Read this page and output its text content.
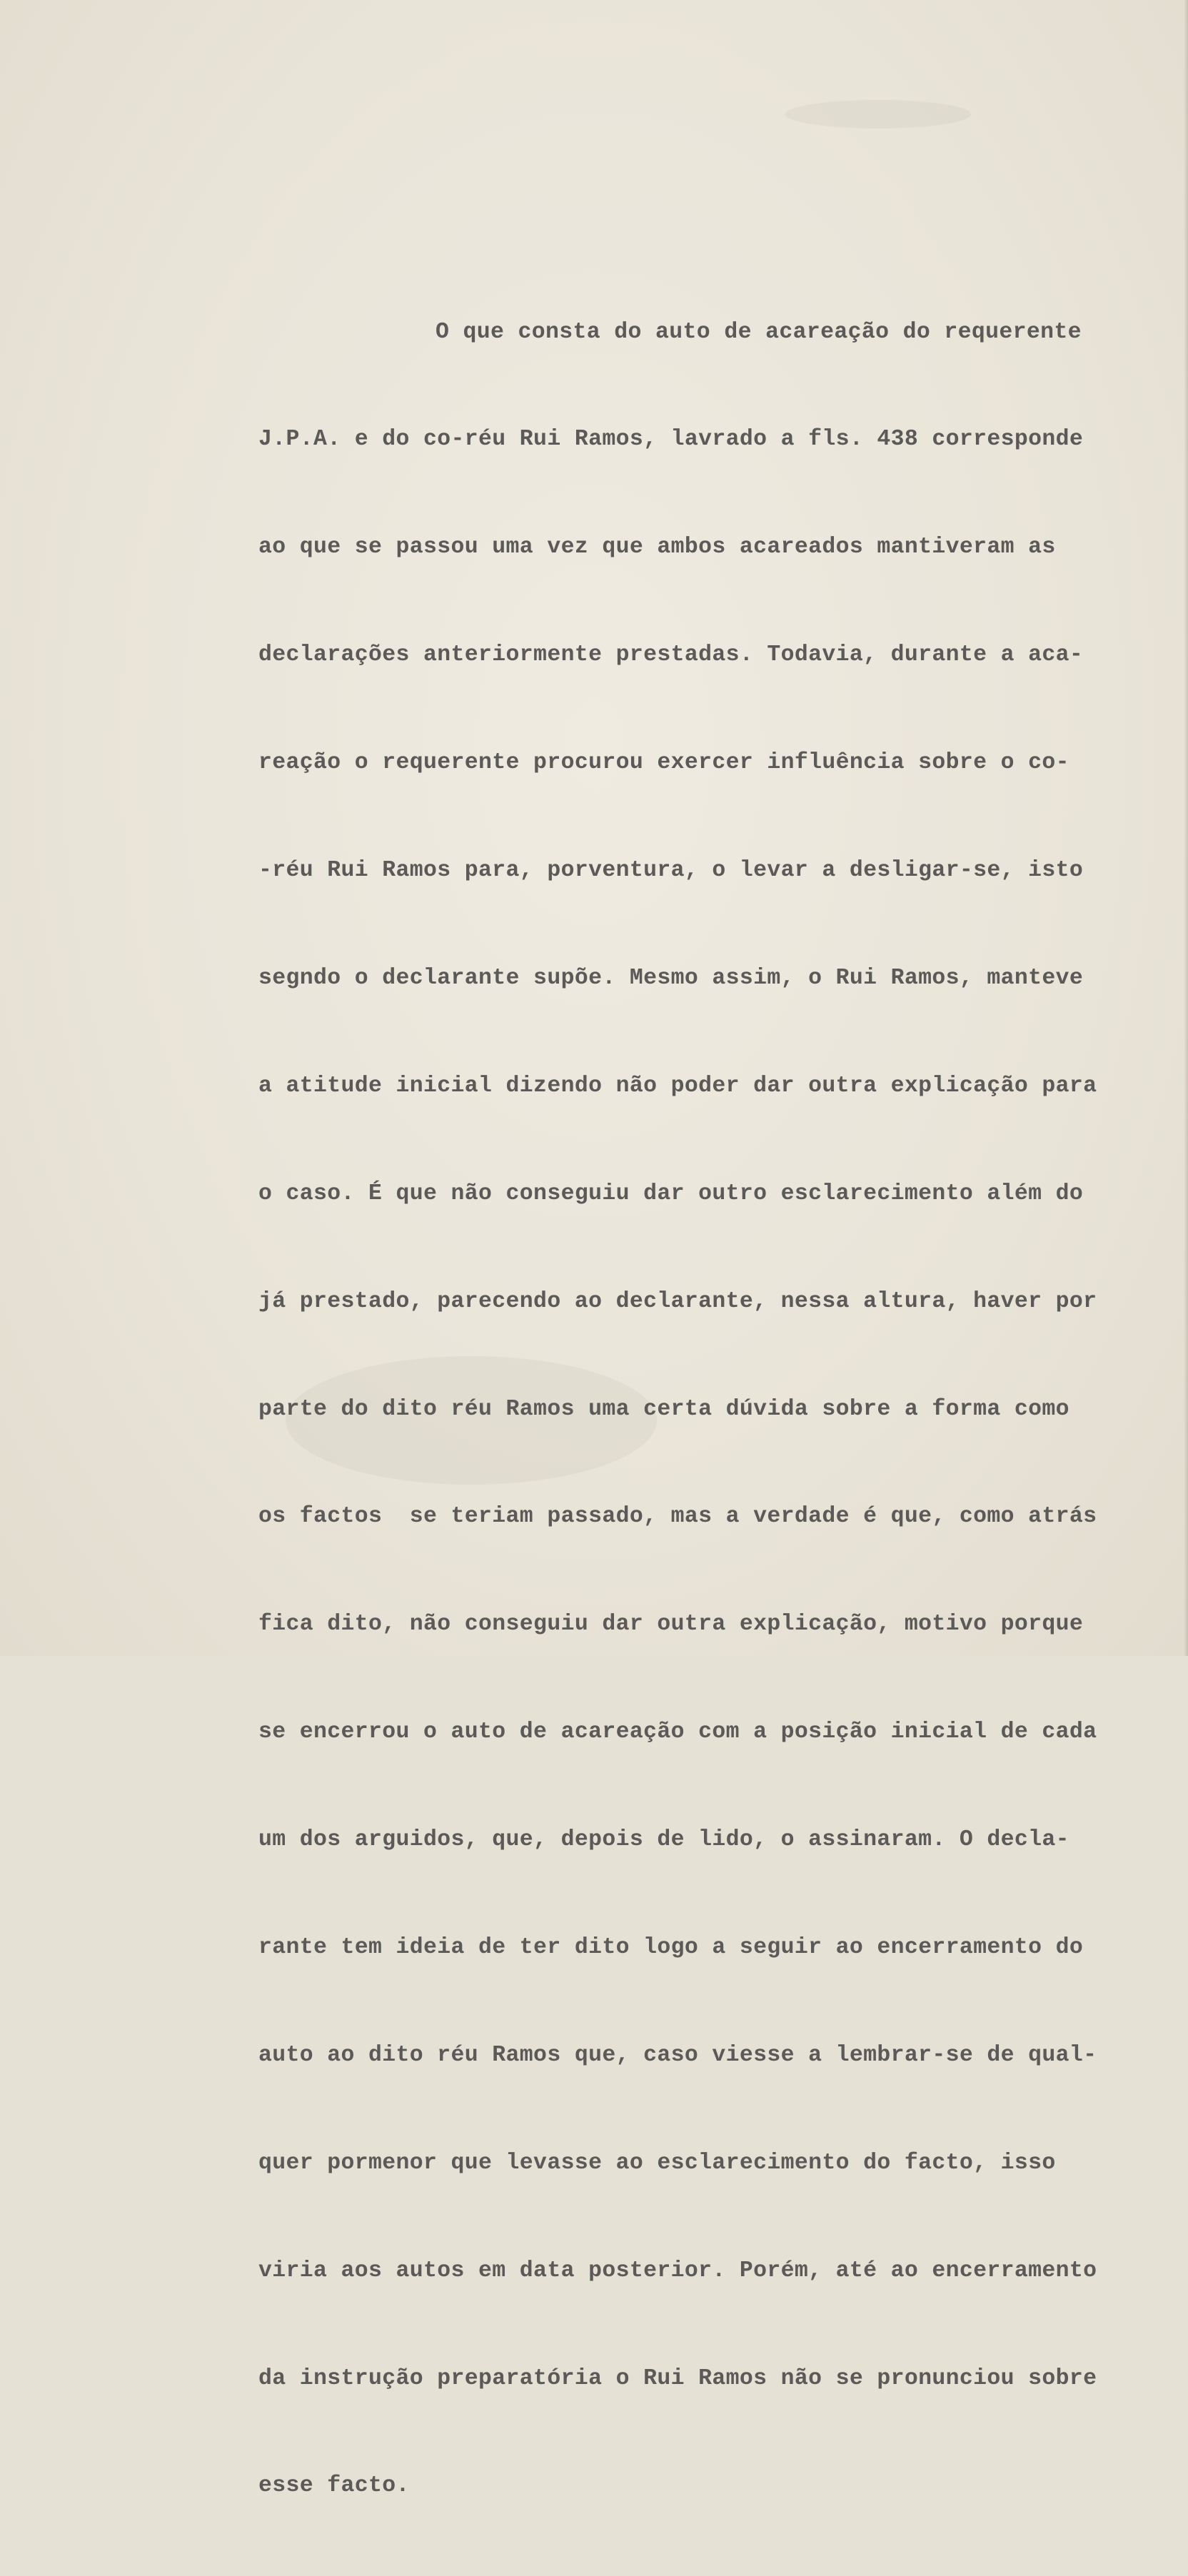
O que consta do auto de acareação do requerente

J.P.A. e do co-réu Rui Ramos, lavrado a fls. 438 corresponde

ao que se passou uma vez que ambos acareados mantiveram as

declarações anteriormente prestadas. Todavia, durante a aca-

reação o requerente procurou exercer influência sobre o co-

-réu Rui Ramos para, porventura, o levar a desligar-se, isto

segndo o declarante supõe. Mesmo assim, o Rui Ramos, manteve

a atitude inicial dizendo não poder dar outra explicação para

o caso. É que não conseguiu dar outro esclarecimento além do

já prestado, parecendo ao declarante, nessa altura, haver por

parte do dito réu Ramos uma certa dúvida sobre a forma como

os factos  se teriam passado, mas a verdade é que, como atrás

fica dito, não conseguiu dar outra explicação, motivo porque

se encerrou o auto de acareação com a posição inicial de cada

um dos arguidos, que, depois de lido, o assinaram. O decla-

rante tem ideia de ter dito logo a seguir ao encerramento do

auto ao dito réu Ramos que, caso viesse a lembrar-se de qual-

quer pormenor que levasse ao esclarecimento do facto, isso

viria aos autos em data posterior. Porém, até ao encerramento

da instrução preparatória o Rui Ramos não se pronunciou sobre

esse facto.
